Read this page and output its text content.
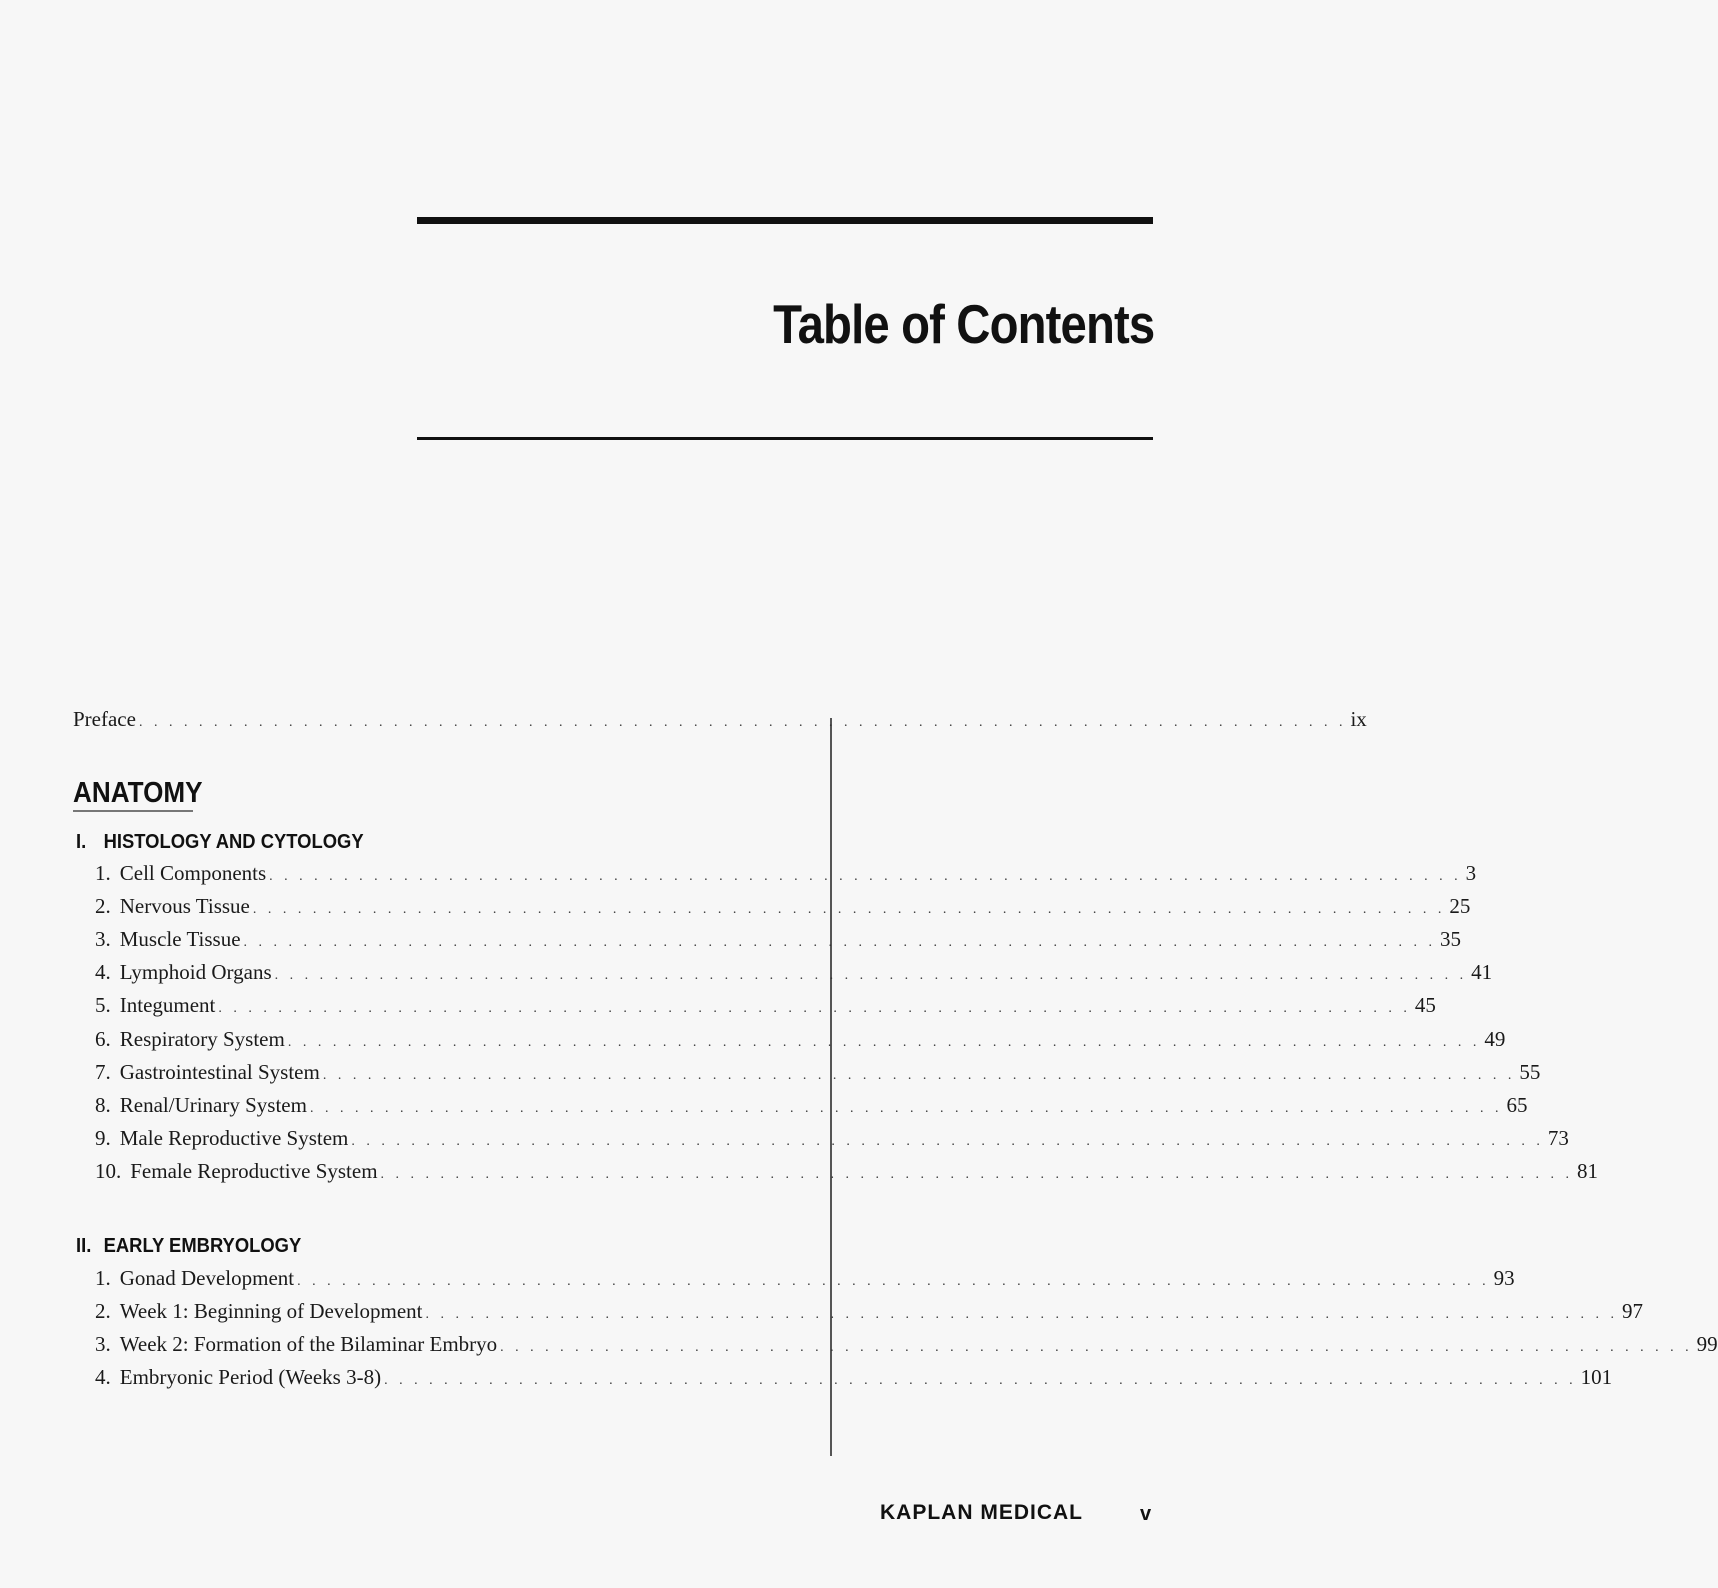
Table of Contents
Preface . . . . . . . . . . . . . . . . . . . . . . . . . . . . . . . . . . . . . . . . . . . . . . . . . . . . . . . . . . . . . . . . . . . . . . . . . . . . . . . . . ix
ANATOMY
I. HISTOLOGY AND CYTOLOGY
1. Cell Components . . . . . . . . . . . . . . . . . . . . . . . . . . . . . . . . . . . . . . . . . . . . . . . . . . . . . . . . . . . . . . . . . . . . . . . . . . . . . . . . 3
2. Nervous Tissue . . . . . . . . . . . . . . . . . . . . . . . . . . . . . . . . . . . . . . . . . . . . . . . . . . . . . . . . . . . . . . . . . . . . . . . . . . . . . . . . 25
3. Muscle Tissue . . . . . . . . . . . . . . . . . . . . . . . . . . . . . . . . . . . . . . . . . . . . . . . . . . . . . . . . . . . . . . . . . . . . . . . . . . . . . . . . 35
4. Lymphoid Organs . . . . . . . . . . . . . . . . . . . . . . . . . . . . . . . . . . . . . . . . . . . . . . . . . . . . . . . . . . . . . . . . . . . . . . . . . . . . . . . . 41
5. Integument . . . . . . . . . . . . . . . . . . . . . . . . . . . . . . . . . . . . . . . . . . . . . . . . . . . . . . . . . . . . . . . . . . . . . . . . . . . . . . . . 45
6. Respiratory System . . . . . . . . . . . . . . . . . . . . . . . . . . . . . . . . . . . . . . . . . . . . . . . . . . . . . . . . . . . . . . . . . . . . . . . . . . . . . . . . 49
7. Gastrointestinal System . . . . . . . . . . . . . . . . . . . . . . . . . . . . . . . . . . . . . . . . . . . . . . . . . . . . . . . . . . . . . . . . . . . . . . . . . . . . . . . . 55
8. Renal/Urinary System . . . . . . . . . . . . . . . . . . . . . . . . . . . . . . . . . . . . . . . . . . . . . . . . . . . . . . . . . . . . . . . . . . . . . . . . . . . . . . . . 65
9. Male Reproductive System . . . . . . . . . . . . . . . . . . . . . . . . . . . . . . . . . . . . . . . . . . . . . . . . . . . . . . . . . . . . . . . . . . . . . . . . . . . . . . . . 73
10. Female Reproductive System . . . . . . . . . . . . . . . . . . . . . . . . . . . . . . . . . . . . . . . . . . . . . . . . . . . . . . . . . . . . . . . . . . . . . . . . . . . . . . . . 81
II. EARLY EMBRYOLOGY
1. Gonad Development . . . . . . . . . . . . . . . . . . . . . . . . . . . . . . . . . . . . . . . . . . . . . . . . . . . . . . . . . . . . . . . . . . . . . . . . . . . . . . . . 93
2. Week 1: Beginning of Development . . . . . . . . . . . . . . . . . . . . . . . . . . . . . . . . . . . . . . . . . . . . . . . . . . . . . . . . . . . . . . . . . . . . . . . . . . . . . . . . 97
3. Week 2: Formation of the Bilaminar Embryo . . . . . . . . . . . . . . . . . . . . . . . . . . . . . . . . . . . . . . . . . . . . . . . . . . . . . . . . . . . . . . . . . . . . . . . . . . . . . . . . 99
4. Embryonic Period (Weeks 3-8) . . . . . . . . . . . . . . . . . . . . . . . . . . . . . . . . . . . . . . . . . . . . . . . . . . . . . . . . . . . . . . . . . . . . . . . . . . . . . . . . 101
KAPLAN MEDICAL	v
